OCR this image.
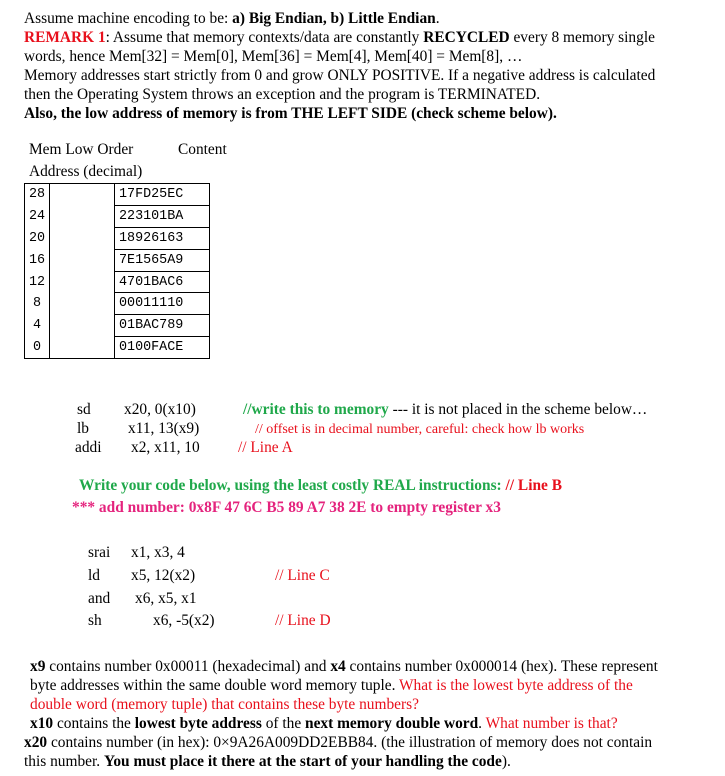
Assume machine encoding to be: a) Big Endian, b) Little Endian.
REMARK 1: Assume that memory contexts/data are constantly RECYCLED every 8 memory single
words, hence Mem[32] = Mem[0], Mem[36] = Mem[4], Mem[40] = Mem[8], …
Memory addresses start strictly from 0 and grow ONLY POSITIVE. If a negative address is calculated
then the Operating System throws an exception and the program is TERMINATED.
Also, the low address of memory is from THE LEFT SIDE (check scheme below).
Mem Low Order	Content
Address (decimal)
28		17FD25EC
24		223101BA
20		18926163
16		7E1565A9
12		4701BAC6
8		00011110
4		01BAC789
0		0100FACE
sd x20, 0(x10)	//write this to memory --- it is not placed in the scheme below…
lb	x11, 13(x9)	// offset is in decimal number, careful: check how lb works
addi x2, x11, 10 // Line A
Write your code below, using the least costly REAL instructions: // Line B
*** add number: 0x8F 47 6C B5 89 A7 38 2E to empty register x3
srai x1, x3, 4
ld x5, 12(x2)	// Line C
and x6, x5, x1
sh	x6, -5(x2)	// Line D
x9 contains number 0x00011 (hexadecimal) and x4 contains number 0x000014 (hex). These represent
byte addresses within the same double word memory tuple. What is the lowest byte address of the
double word (memory tuple) that contains these byte numbers?
x10 contains the lowest byte address of the next memory double word. What number is that?
x20 contains number (in hex): 0×9A26A009DD2EBB84. (the illustration of memory does not contain
this number. You must place it there at the start of your handling the code).
